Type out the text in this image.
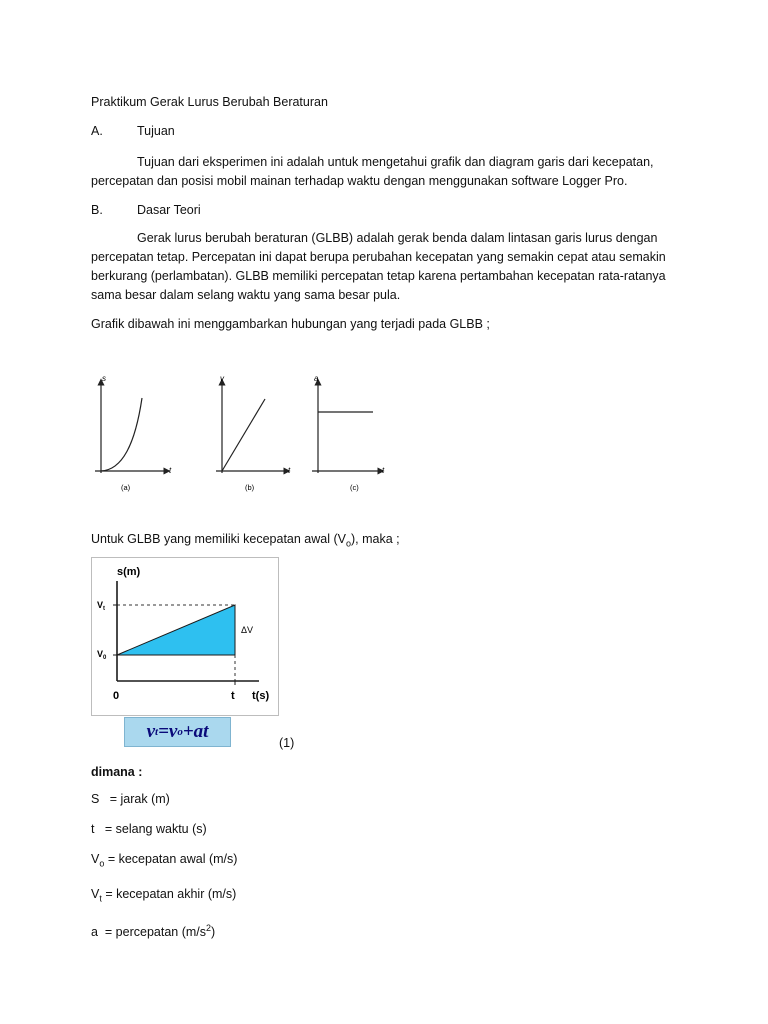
Praktikum Gerak Lurus Berubah Beraturan
A.	Tujuan
Tujuan dari eksperimen ini adalah untuk mengetahui grafik dan diagram garis dari kecepatan,
percepatan dan posisi mobil mainan terhadap waktu dengan menggunakan software Logger Pro.
B.	Dasar Teori
Gerak lurus berubah beraturan (GLBB) adalah gerak benda dalam lintasan garis lurus dengan
percepatan tetap. Percepatan ini dapat berupa perubahan kecepatan yang semakin cepat atau semakin
berkurang (perlambatan). GLBB memiliki percepatan tetap karena pertambahan kecepatan rata-ratanya
sama besar dalam selang waktu yang sama besar pula.
Grafik dibawah ini menggambarkan hubungan yang terjadi pada GLBB ;
s
t
(a)
v
t
(b)
a
t
(c)
Untuk GLBB yang memiliki kecepatan awal $(V_o)$, maka ;
s(m)
t(s)
$V_t$
$V_0$
0	t
ΔV
v t = v o + at
(1)
dimana :

S   = jarak (m)

t   = selang waktu (s)

$V_o$ = kecepatan awal (m/s)

$V_t$ = kecepatan akhir (m/s)

a  = percepatan $(m/s^2)$
